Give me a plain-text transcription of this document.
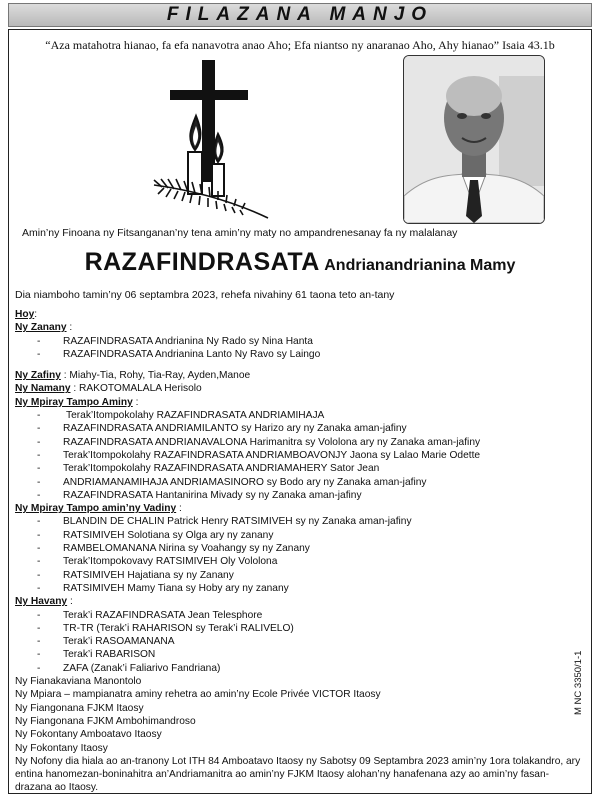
FILAZANA MANJO
“Aza matahotra hianao, fa efa nanavotra anao Aho; Efa niantso ny anaranao Aho, Ahy hianao” Isaia 43.1b
Amin’ny Finoana ny Fitsanganan’ny tena amin’ny maty no ampandrenesanay fa ny malalanay
RAZAFINDRASATA Andrianandrianina Mamy
Dia niamboho tamin’ny 06 septambra 2023, rehefa nivahiny 61 taona teto an-tany
Hoy:
Ny Zanany :
- RAZAFINDRASATA Andrianina Ny Rado sy Nina Hanta
- RAZAFINDRASATA Andrianina Lanto Ny Ravo sy Laingo
Ny Zafiny : Miahy-Tia, Rohy, Tia-Ray, Ayden,Manoe
Ny Namany : RAKOTOMALALA Herisolo
Ny Mpiray Tampo Aminy :
-	Terak’Itompokolahy RAZAFINDRASATA ANDRIAMIHAJA
- RAZAFINDRASATA ANDRIAMILANTO sy Harizo ary ny Zanaka aman-jafiny
- RAZAFINDRASATA ANDRIANAVALONA Harimanitra sy Vololona ary ny Zanaka aman-jafiny
- Terak’Itompokolahy RAZAFINDRASATA ANDRIAMBOAVONJY Jaona sy Lalao Marie Odette
- Terak’Itompokolahy RAZAFINDRASATA ANDRIAMAHERY Sator Jean
- ANDRIAMANAMIHAJA ANDRIAMASINORO sy Bodo ary ny Zanaka aman-jafiny
- RAZAFINDRASATA Hantanirina Mivady sy ny Zanaka aman-jafiny
Ny Mpiray Tampo amin’ny Vadiny :
- BLANDIN DE CHALIN Patrick Henry RATSIMIVEH sy ny Zanaka aman-jafiny
- RATSIMIVEH Solotiana sy Olga ary ny zanany
- RAMBELOMANANA Nirina sy Voahangy sy ny Zanany
- Terak’Itompokovavy RATSIMIVEH Oly Vololona
- RATSIMIVEH Hajatiana sy ny Zanany
- RATSIMIVEH Mamy Tiana sy Hoby ary ny zanany
Ny Havany :
- Terak’i RAZAFINDRASATA Jean Telesphore
- TR-TR (Terak’i RAHARISON sy Terak’i RALIVELO)
- Terak’i RASOAMANANA
- Terak’i RABARISON
- ZAFA (Zanak’i Faliarivo Fandriana)
Ny Fianakaviana Manontolo
Ny Mpiara – mampianatra aminy rehetra ao amin’ny Ecole Privée VICTOR Itaosy
Ny Fiangonana FJKM Itaosy
Ny Fiangonana FJKM Ambohimandroso
Ny Fokontany Amboatavo Itaosy
Ny Fokontany Itaosy
Ny Nofony dia hiala ao an-tranony Lot ITH 84 Amboatavo Itaosy ny Sabotsy 09 Septambra 2023 amin’ny 1ora tolakandro, ary entina hanomezan-boninahitra an’Andriamanitra ao amin’ny FJKM Itaosy alohan’ny hanafenana azy ao amin’ny fasan-drazana ao Itaosy.
M NC 3350/1-1
